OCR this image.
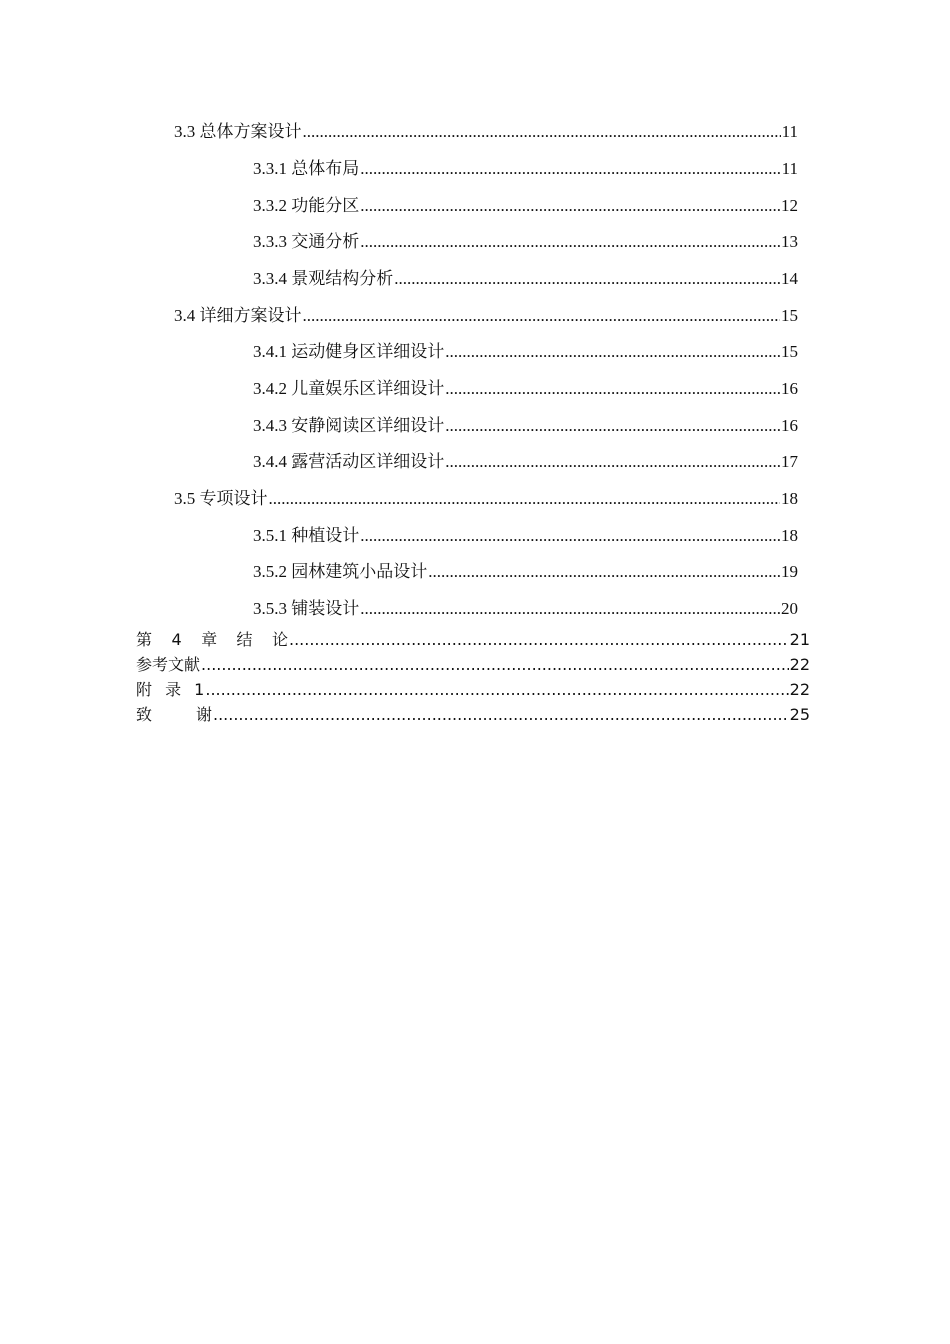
3.3 总体方案设计 .....	11
3.3.1 总体布局 .....	11
3.3.2 功能分区 .....	12
3.3.3 交通分析 .....	13
3.3.4 景观结构分析 .....	14
3.4 详细方案设计 .....	15
3.4.1 运动健身区详细设计 .....	15
3.4.2 儿童娱乐区详细设计 .....	16
3.4.3 安静阅读区详细设计 .....	16
3.4.4 露营活动区详细设计 .....	17
3.5 专项设计 .....	18
3.5.1 种植设计 .....	18
3.5.2 园林建筑小品设计 .....	19
3.5.3 铺装设计 .....	20
第 4 章 结 论 .....	21
参考文献 .....	22
附 录 1 .....	22
致	谢 .....	25
